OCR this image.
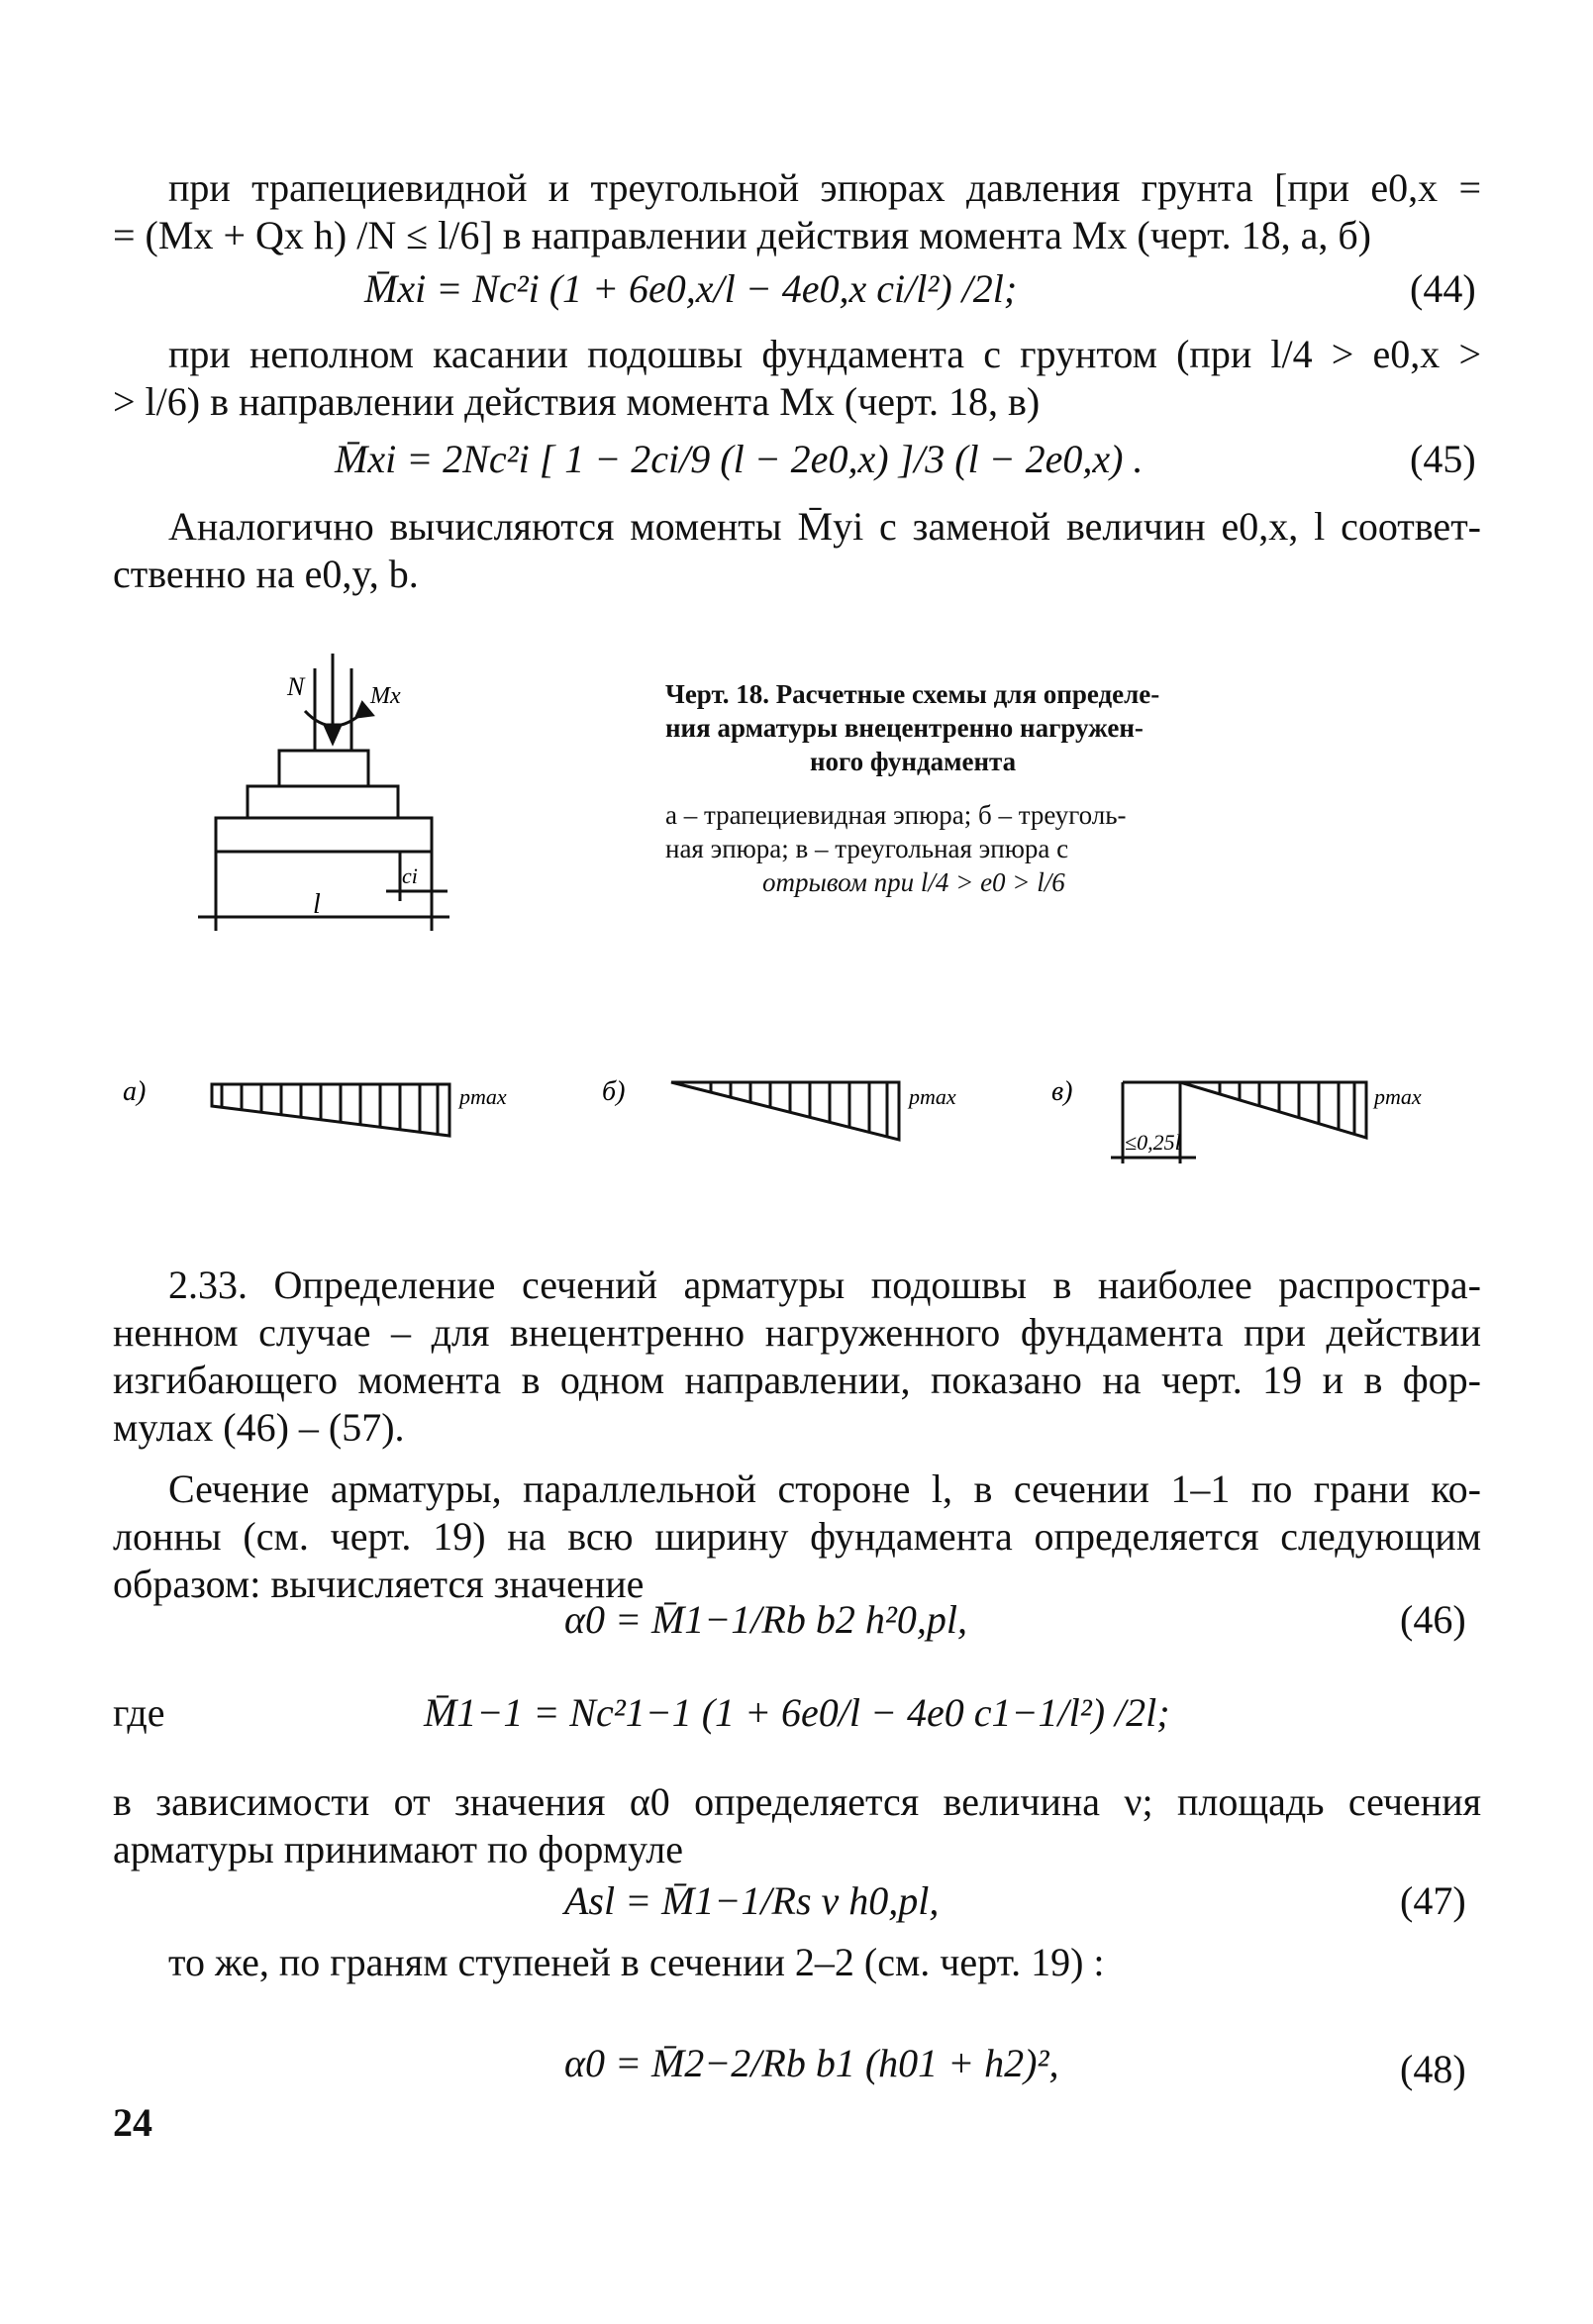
при трапециевидной и треугольной эпюрах давления грунта [при e0,x =
= (Mx + Qx h) /N ≤ l/6] в направлении действия момента Mx (черт. 18, а, б)
M̄xi = Nc²i (1 + 6e0,x/l − 4e0,x ci/l²) /2l;	(44)
при неполном касании подошвы фундамента с грунтом (при l/4 > e0,x >
> l/6) в направлении действия момента Mx (черт. 18, в)
M̄xi = 2Nc²i [ 1 − 2ci/9 (l − 2e0,x) ]/3 (l − 2e0,x) .	(45)
Аналогично вычисляются моменты M̄yi с заменой величин e0,x, l соответ-
ственно на e0,y, b.
N	Mx
ci
l
Черт. 18. Расчетные схемы для определе-
ния арматуры внецентренно нагружен-
ного фундамента
а – трапециевидная эпюра; б – треуголь-
ная эпюра; в – треугольная эпюра с
отрывом при l/4 > e0 > l/6
а)	pmax	б)	pmax	в)
≤0,25l
pmax
2.33. Определение сечений арматуры подошвы в наиболее распростра-
ненном случае – для внецентренно нагруженного фундамента при действии
изгибающего момента в одном направлении, показано на черт. 19 и в фор-
мулах (46) – (57).
Сечение арматуры, параллельной стороне l, в сечении 1–1 по грани ко-
лонны (см. черт. 19) на всю ширину фундамента определяется следующим
образом: вычисляется значение
α0 = M̄1−1/Rb b2 h²0,pl,	(46)
где	M̄1−1 = Nc²1−1 (1 + 6e0/l − 4e0 c1−1/l²) /2l;
в зависимости от значения α0 определяется величина ν; площадь сечения
арматуры принимают по формуле
Asl = M̄1−1/Rs ν h0,pl,	(47)
то же, по граням ступеней в сечении 2–2 (см. черт. 19) :
α0 = M̄2−2/Rb b1 (h01 + h2)²,	(48)
24
